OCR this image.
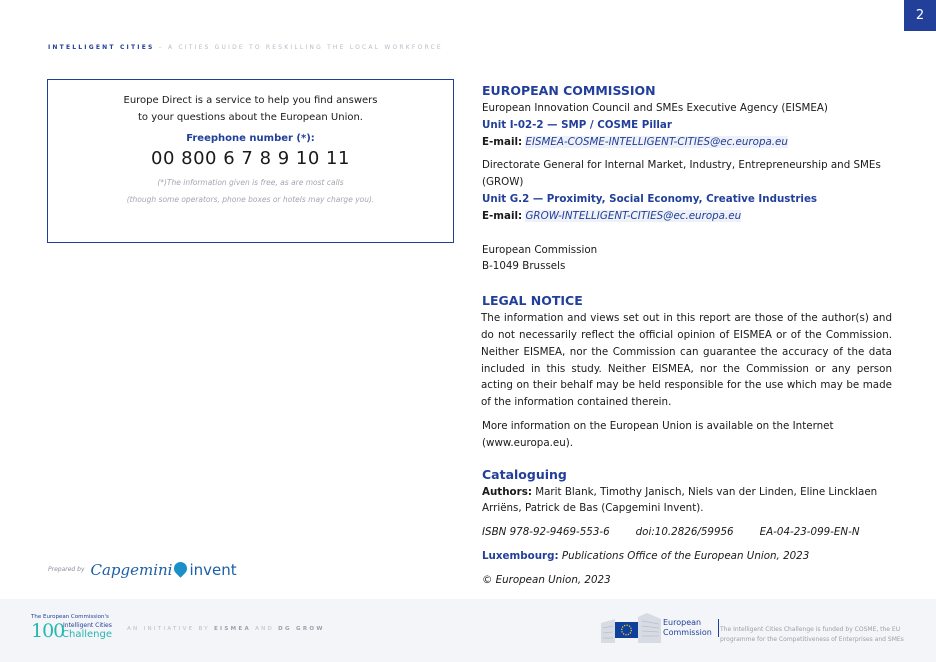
2
INTELLIGENT CITIES – A CITIES GUIDE TO RESKILLING THE LOCAL WORKFORCE
Europe Direct is a service to help you find answers
to your questions about the European Union.
Freephone number (*):
00 800 6 7 8 9 10 11
(*)The information given is free, as are most calls
(though some operators, phone boxes or hotels may charge you).
Prepared by Capgemini invent
EUROPEAN COMMISSION
European Innovation Council and SMEs Executive Agency (EISMEA)
Unit I-02-2 — SMP / COSME Pillar
E-mail: EISMEA-COSME-INTELLIGENT-CITIES@ec.europa.eu
Directorate General for Internal Market, Industry, Entrepreneurship and SMEs (GROW)
Unit G.2 — Proximity, Social Economy, Creative Industries
E-mail: GROW-INTELLIGENT-CITIES@ec.europa.eu
European Commission
B-1049 Brussels
LEGAL NOTICE
The information and views set out in this report are those of the author(s) and do not necessarily reflect the official opinion of EISMEA or of the Commission. Neither EISMEA, nor the Commission can guarantee the accuracy of the data included in this study. Neither EISMEA, nor the Commission or any person acting on their behalf may be held responsible for the use which may be made of the information contained therein.
More information on the European Union is available on the Internet (www.europa.eu).
Cataloguing
Authors: Marit Blank, Timothy Janisch, Niels van der Linden, Eline Lincklaen Arriëns, Patrick de Bas (Capgemini Invent).
ISBN 978-92-9469-553-6	doi:10.2826/59956	EA-04-23-099-EN-N
Luxembourg: Publications Office of the European Union, 2023
© European Union, 2023
The European Commission's
100
Intelligent Cities
Challenge	AN INITIATIVE BY EISMEA AND DG GROW
European
Commission The Intelligent Cities Challenge is funded by COSME, the EU programme for the Competitiveness of Enterprises and SMEs
